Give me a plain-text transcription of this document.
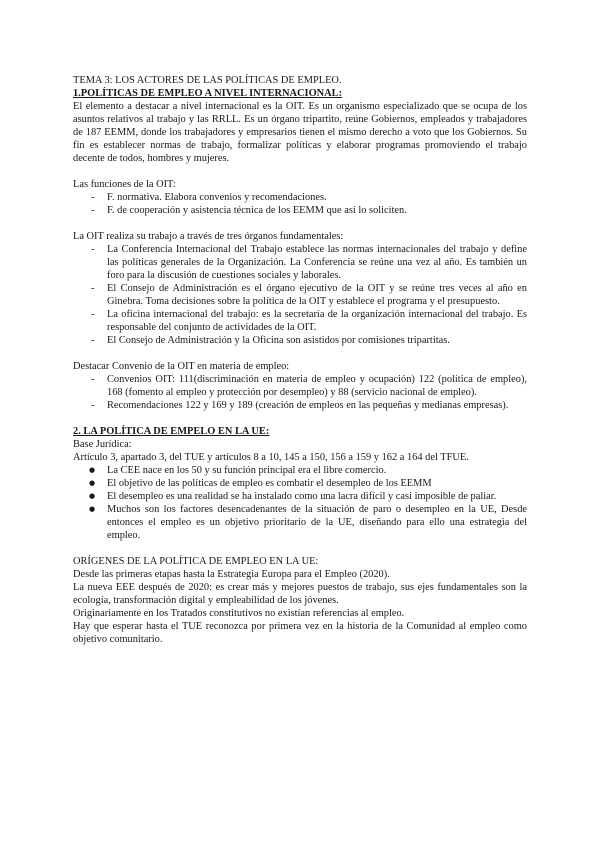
TEMA 3: LOS ACTORES DE LAS POLÍTICAS DE EMPLEO.

1.POLÍTICAS DE EMPLEO A NIVEL INTERNACIONAL:

El elemento a destacar a nivel internacional es la OIT. Es un organismo especializado que se ocupa de los asuntos relativos al trabajo y las RRLL. Es un órgano tripartito, reúne Gobiernos, empleados y trabajadores de 187 EEMM, donde los trabajadores y empresarios tienen el mismo derecho a voto que los Gobiernos. Su fin es establecer normas de trabajo, formalizar políticas y elaborar programas promoviendo el trabajo decente de todos, hombres y mujeres.

Las funciones de la OIT:

- F. normativa. Elabora convenios y recomendaciones.
- F. de cooperación y asistencia técnica de los EEMM que así lo soliciten.

La OIT realiza su trabajo a través de tres órganos fundamentales:

- La Conferencia Internacional del Trabajo establece las normas internacionales del trabajo y define las políticas generales de la Organización. La Conferencia se reúne una vez al año. Es también un foro para la discusión de cuestiones sociales y laborales.
- El Consejo de Administración es el órgano ejecutivo de la OIT y se reúne tres veces al año en Ginebra. Toma decisiones sobre la política de la OIT y establece el programa y el presupuesto.
- La oficina internacional del trabajo: es la secretaría de la organización internacional del trabajo. Es responsable del conjunto de actividades de la OIT.
- El Consejo de Administración y la Oficina son asistidos por comisiones tripartitas.

Destacar Convenio de la OIT en materia de empleo:

- Convenios OIT: 111(discriminación en materia de empleo y ocupación) 122 (política de empleo), 168 (fomento al empleo y protección por desempleo) y 88 (servicio nacional de empleo).
- Recomendaciones 122 y 169 y 189 (creación de empleos en las pequeñas y medianas empresas).

2. LA POLÍTICA DE EMPELO EN LA UE:

Base Jurídica:

Artículo 3, apartado 3, del TUE y artículos 8 a 10, 145 a 150, 156 a 159 y 162 a 164 del TFUE.

● La CEE nace en los 50 y su función principal era el libre comercio.
● El objetivo de las políticas de empleo es combatir el desempleo de los EEMM
● El desempleo es una realidad se ha instalado como una lacra difícil y casi imposible de paliar.
● Muchos son los factores desencadenantes de la situación de paro o desempleo en la UE, Desde entonces el empleo es un objetivo prioritario de la UE, diseñando para ello una estrategia del empleo.

ORÍGENES DE LA POLÍTICA DE EMPLEO EN LA UE:

Desde las primeras etapas hasta la Estrategia Europa para el Empleo (2020).

La nueva EEE después de 2020: es crear más y mejores puestos de trabajo, sus ejes fundamentales son la ecología, transformación digital y empleabilidad de los jóvenes.

Originariamente en los Tratados constitutivos no existían referencias al empleo.

Hay que esperar hasta el TUE reconozca por primera vez en la historia de la Comunidad al empleo como objetivo comunitario.
